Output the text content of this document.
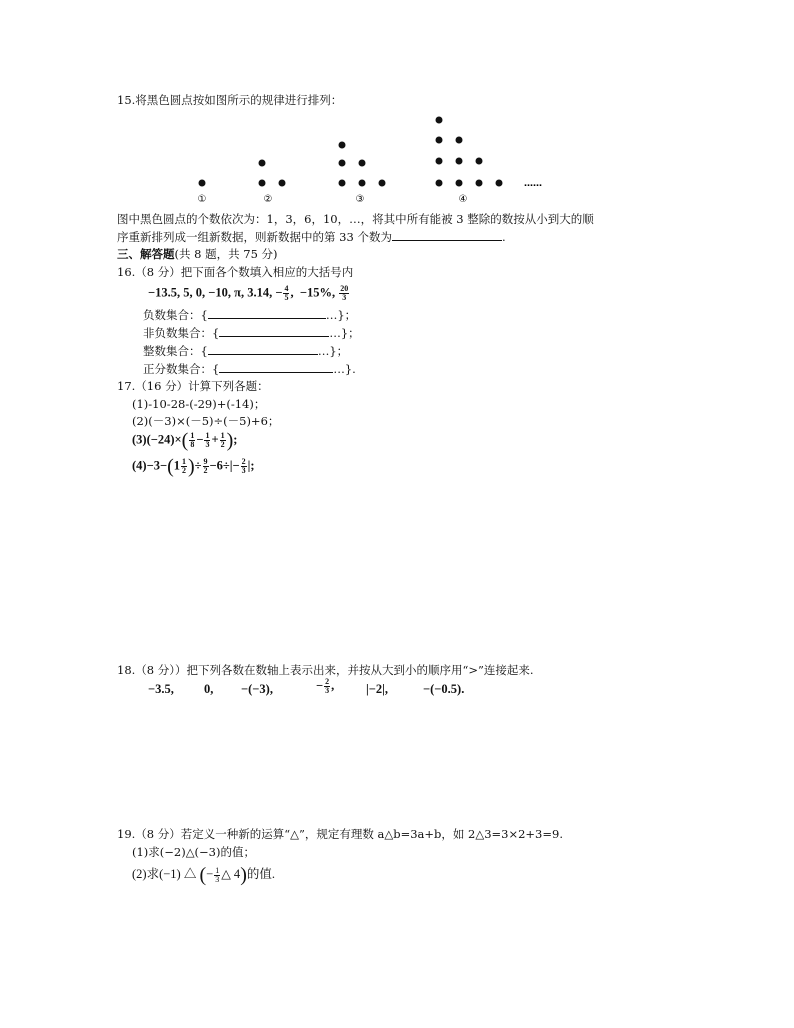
15.将黑色圆点按如图所示的规律进行排列：
①	②	③	④
……
图中黑色圆点的个数依次为：1，3，6，10，…，将其中所有能被 3 整除的数按从小到大的顺
序重新排列成一组新数据，则新数据中的第 33 个数为	.
三、解答题(共 8 题，共 75 分)
16.（8 分）把下面各个数填入相应的大括号内
−13.5, 5, 0, −10, π, 3.14, − $\frac{4}{5}$ , −15%, $\frac{20}{3}$
负数集合：{	…}；
非负数集合：{	…}；
整数集合：{	…}；
正分数集合：{	…}.
17.（16 分）计算下列各题：
(1)-10-28-(-29)+(-14)；
(2)(－3)×(－5)÷(－5)+6；
$(3)(-24)\times( \frac{1}{8} - \frac{1}{3} + \frac{1}{2}$ );
$(4)-3-(1 \frac{1}{2}$ )÷ $\frac{9}{2} -6\div|- \frac{2}{3}$ |;
18.（8 分））把下列各数在数轴上表示出来，并按从大到小的顺序用“>”连接起来.
−3.5, 0, −(−3),	− $\frac{2}{3}$ ,	|−2|,	−(−0.5).
19.（8 分）若定义一种新的运算“△”，规定有理数 a△b=3a+b，如 2△3=3×2+3=9.
(1)求(−2)△(−3)的值；
(2)求(−1) △ (− $\frac{1}{3}$ △ 4)的值.
